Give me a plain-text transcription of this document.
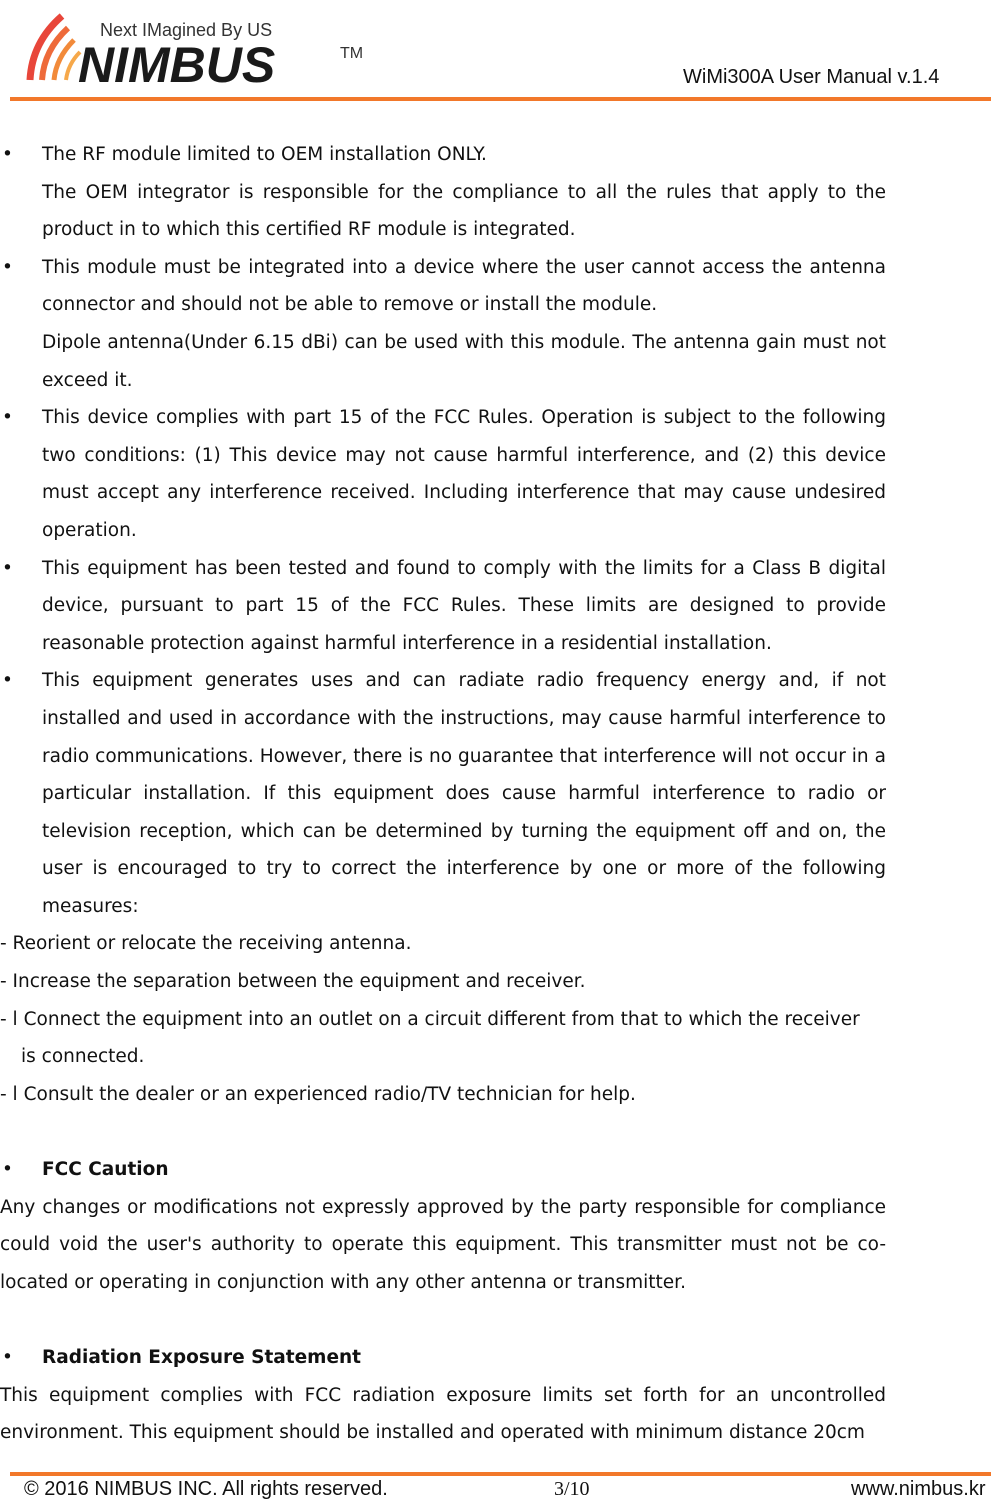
Next IMagined By US
NIMBUS	TM
WiMi300A User Manual v.1.4

• The RF module limited to OEM installation ONLY.

The OEM integrator is responsible for the compliance to all the rules that apply to the product in to which this certified RF module is integrated.

• This module must be integrated into a device where the user cannot access the antenna connector and should not be able to remove or install the module.

Dipole antenna(Under 6.15 dBi) can be used with this module. The antenna gain must not exceed it.

• This device complies with part 15 of the FCC Rules. Operation is subject to the following two conditions: (1) This device may not cause harmful interference, and (2) this device must accept any interference received. Including interference that may cause undesired operation.

• This equipment has been tested and found to comply with the limits for a Class B digital device, pursuant to part 15 of the FCC Rules. These limits are designed to provide reasonable protection against harmful interference in a residential installation.

• This equipment generates uses and can radiate radio frequency energy and, if not installed and used in accordance with the instructions, may cause harmful interference to radio communications. However, there is no guarantee that interference will not occur in a particular installation. If this equipment does cause harmful interference to radio or television reception, which can be determined by turning the equipment off and on, the user is encouraged to try to correct the interference by one or more of the following measures:

- Reorient or relocate the receiving antenna.

- Increase the separation between the equipment and receiver.

- l Connect the equipment into an outlet on a circuit different from that to which the receiver

is connected.

- l Consult the dealer or an experienced radio/TV technician for help.

• FCC Caution

Any changes or modifications not expressly approved by the party responsible for compliance could void the user's authority to operate this equipment. This transmitter must not be co-located or operating in conjunction with any other antenna or transmitter.

• Radiation Exposure Statement

This equipment complies with FCC radiation exposure limits set forth for an uncontrolled environment. This equipment should be installed and operated with minimum distance 20cm

© 2016 NIMBUS INC. All rights reserved.	3/10	www.nimbus.kr
